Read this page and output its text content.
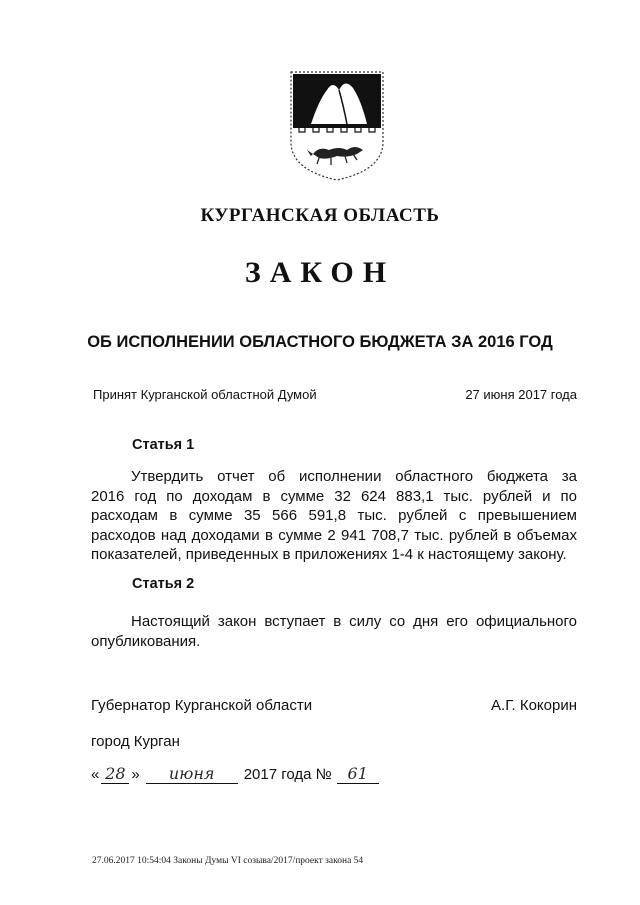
КУРГАНСКАЯ ОБЛАСТЬ
ЗАКОН
ОБ ИСПОЛНЕНИИ ОБЛАСТНОГО БЮДЖЕТА ЗА 2016 ГОД
Принят Курганской областной Думой	27 июня 2017 года
Статья 1
Утвердить отчет об исполнении областного бюджета за
2016 год по доходам в сумме 32 624 883,1 тыс. рублей и по
расходам в сумме 35 566 591,8 тыс. рублей с превышением
расходов над доходами в сумме 2 941 708,7 тыс. рублей в объемах
показателей, приведенных в приложениях 1-4 к настоящему закону.
Статья 2
Настоящий закон вступает в силу со дня его официального
опубликования.
Губернатор Курганской области	А.Г. Кокорин
город Курган
« 28 »	июня	2017 года № 61
27.06.2017 10:54:04 Законы Думы VI созыва/2017/проект закона 54
